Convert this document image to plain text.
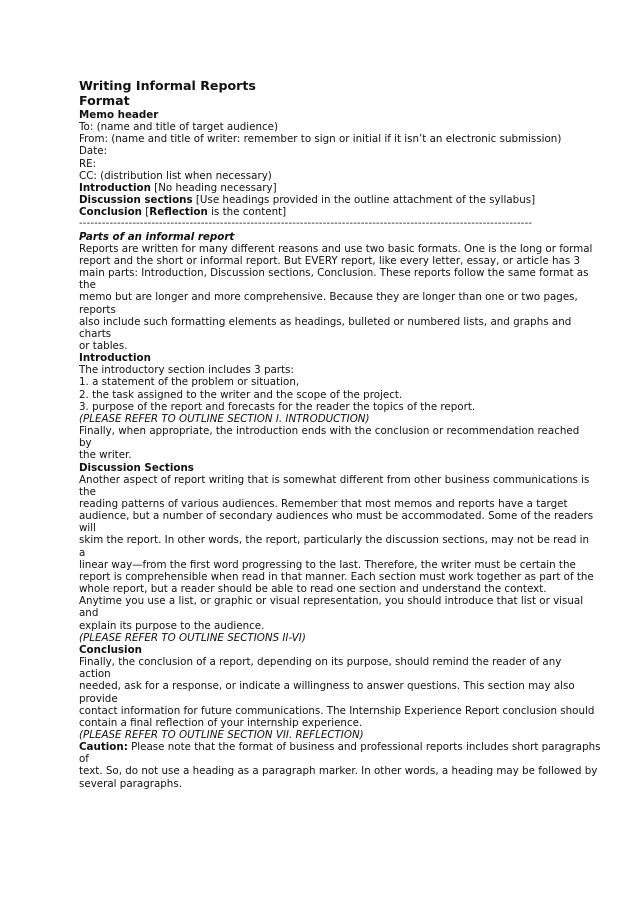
Writing Informal Reports
Format
Memo header
To: (name and title of target audience)
From: (name and title of writer: remember to sign or initial if it isn’t an electronic submission)
Date:
RE:
CC: (distribution list when necessary)
Introduction [No heading necessary]
Discussion sections [Use headings provided in the outline attachment of the syllabus]
Conclusion [Reflection is the content]
-----------------------------------------------------------------------------------------------------------------------
Parts of an informal report
Reports are written for many different reasons and use two basic formats. One is the long or formal
report and the short or informal report. But EVERY report, like every letter, essay, or article has 3
main parts: Introduction, Discussion sections, Conclusion. These reports follow the same format as
the
memo but are longer and more comprehensive. Because they are longer than one or two pages,
reports
also include such formatting elements as headings, bulleted or numbered lists, and graphs and
charts
or tables.
Introduction
The introductory section includes 3 parts:
1. a statement of the problem or situation,
2. the task assigned to the writer and the scope of the project.
3. purpose of the report and forecasts for the reader the topics of the report.
(PLEASE REFER TO OUTLINE SECTION I. INTRODUCTION)
Finally, when appropriate, the introduction ends with the conclusion or recommendation reached
by
the writer.
Discussion Sections
Another aspect of report writing that is somewhat different from other business communications is
the
reading patterns of various audiences. Remember that most memos and reports have a target
audience, but a number of secondary audiences who must be accommodated. Some of the readers
will
skim the report. In other words, the report, particularly the discussion sections, may not be read in
a
linear way—from the first word progressing to the last. Therefore, the writer must be certain the
report is comprehensible when read in that manner. Each section must work together as part of the
whole report, but a reader should be able to read one section and understand the context.
Anytime you use a list, or graphic or visual representation, you should introduce that list or visual
and
explain its purpose to the audience.
(PLEASE REFER TO OUTLINE SECTIONS II-VI)
Conclusion
Finally, the conclusion of a report, depending on its purpose, should remind the reader of any
action
needed, ask for a response, or indicate a willingness to answer questions. This section may also
provide
contact information for future communications. The Internship Experience Report conclusion should
contain a final reflection of your internship experience.
(PLEASE REFER TO OUTLINE SECTION VII. REFLECTION)
Caution: Please note that the format of business and professional reports includes short paragraphs
of
text. So, do not use a heading as a paragraph marker. In other words, a heading may be followed by
several paragraphs.
